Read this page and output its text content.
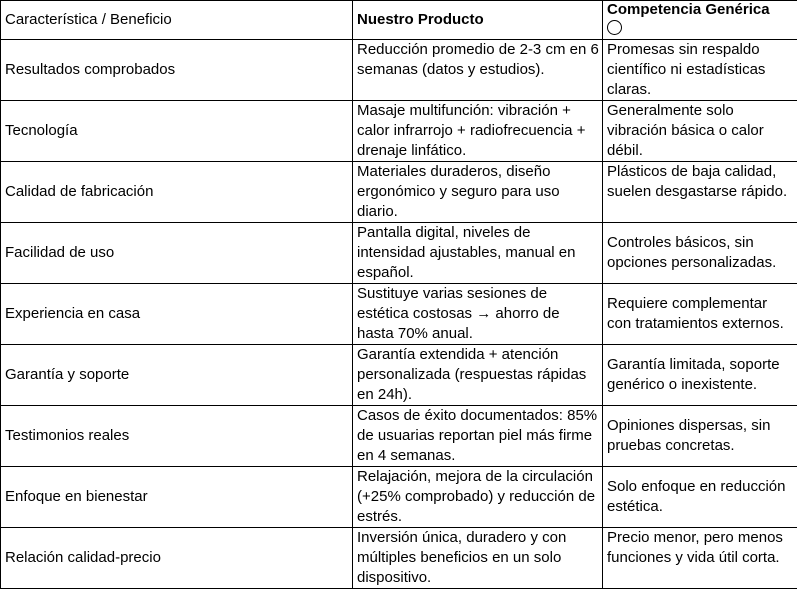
Característica / Beneficio	Nuestro Producto	Competencia Genérica

Resultados comprobados	Reducción promedio de 2-3 cm en 6 semanas (datos y estudios).	Promesas sin respaldo científico ni estadísticas claras.
Tecnología	Masaje multifunción: vibración + calor infrarrojo + radiofrecuencia + drenaje linfático.	Generalmente solo vibración básica o calor débil.
Calidad de fabricación	Materiales duraderos, diseño ergonómico y seguro para uso diario.	Plásticos de baja calidad, suelen desgastarse rápido.
Facilidad de uso	Pantalla digital, niveles de intensidad ajustables, manual en español.	Controles básicos, sin opciones personalizadas.
Experiencia en casa	Sustituye varias sesiones de estética costosas → ahorro de hasta 70% anual.	Requiere complementar con tratamientos externos.
Garantía y soporte	Garantía extendida + atención personalizada (respuestas rápidas en 24h).	Garantía limitada, soporte genérico o inexistente.
Testimonios reales	Casos de éxito documentados: 85% de usuarias reportan piel más firme en 4 semanas.	Opiniones dispersas, sin pruebas concretas.
Enfoque en bienestar	Relajación, mejora de la circulación (+25% comprobado) y reducción de estrés.	Solo enfoque en reducción estética.
Relación calidad-precio	Inversión única, duradero y con múltiples beneficios en un solo dispositivo.	Precio menor, pero menos funciones y vida útil corta.
